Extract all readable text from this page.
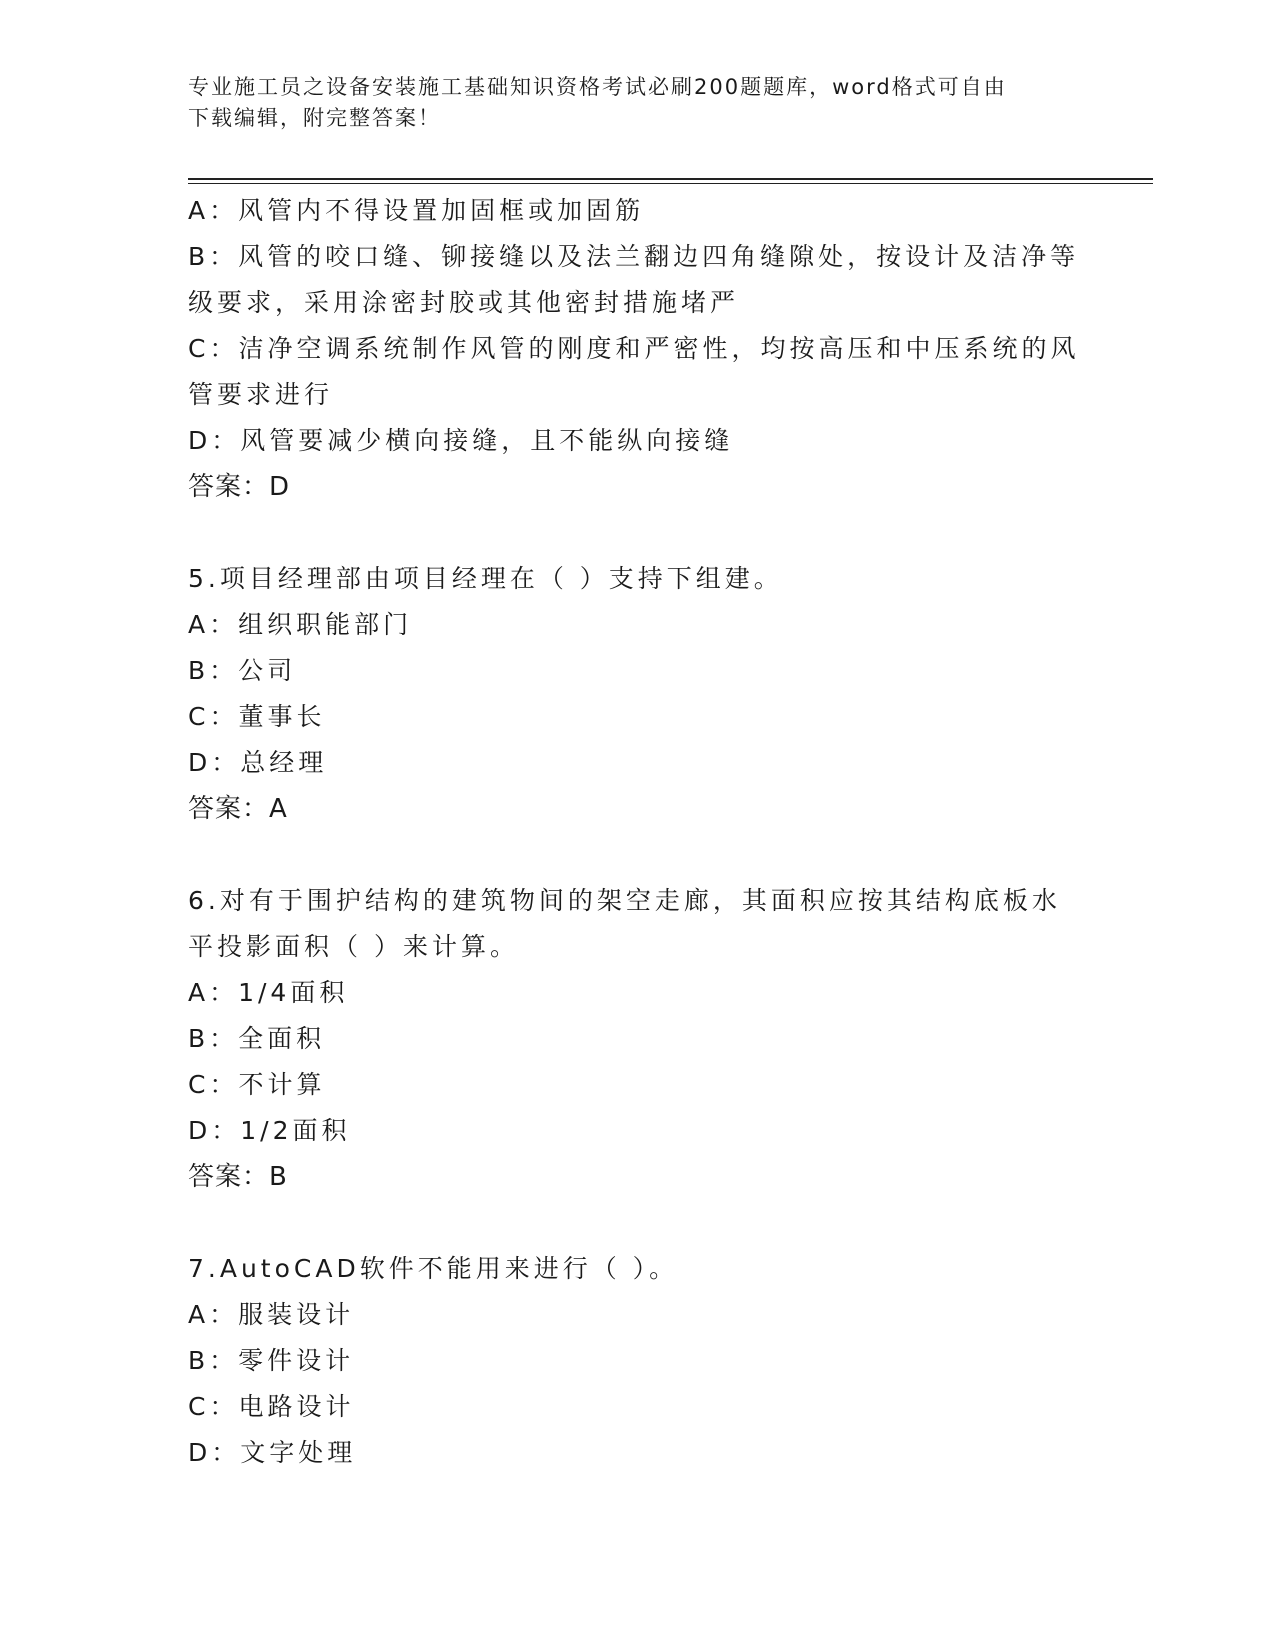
专业施工员之设备安装施工基础知识资格考试必刷200题题库，word格式可自由
下载编辑，附完整答案！
A：风管内不得设置加固框或加固筋
B：风管的咬口缝、铆接缝以及法兰翻边四角缝隙处，按设计及洁净等
级要求，采用涂密封胶或其他密封措施堵严
C：洁净空调系统制作风管的刚度和严密性，均按高压和中压系统的风
管要求进行
D：风管要减少横向接缝，且不能纵向接缝
答案：D
5.项目经理部由项目经理在（ ）支持下组建。
A：组织职能部门
B：公司
C：董事长
D：总经理
答案：A
6.对有于围护结构的建筑物间的架空走廊，其面积应按其结构底板水
平投影面积（ ）来计算。
A：1/4面积
B：全面积
C：不计算
D：1/2面积
答案：B
7.AutoCAD软件不能用来进行（ ）。
A：服装设计
B：零件设计
C：电路设计
D：文字处理
